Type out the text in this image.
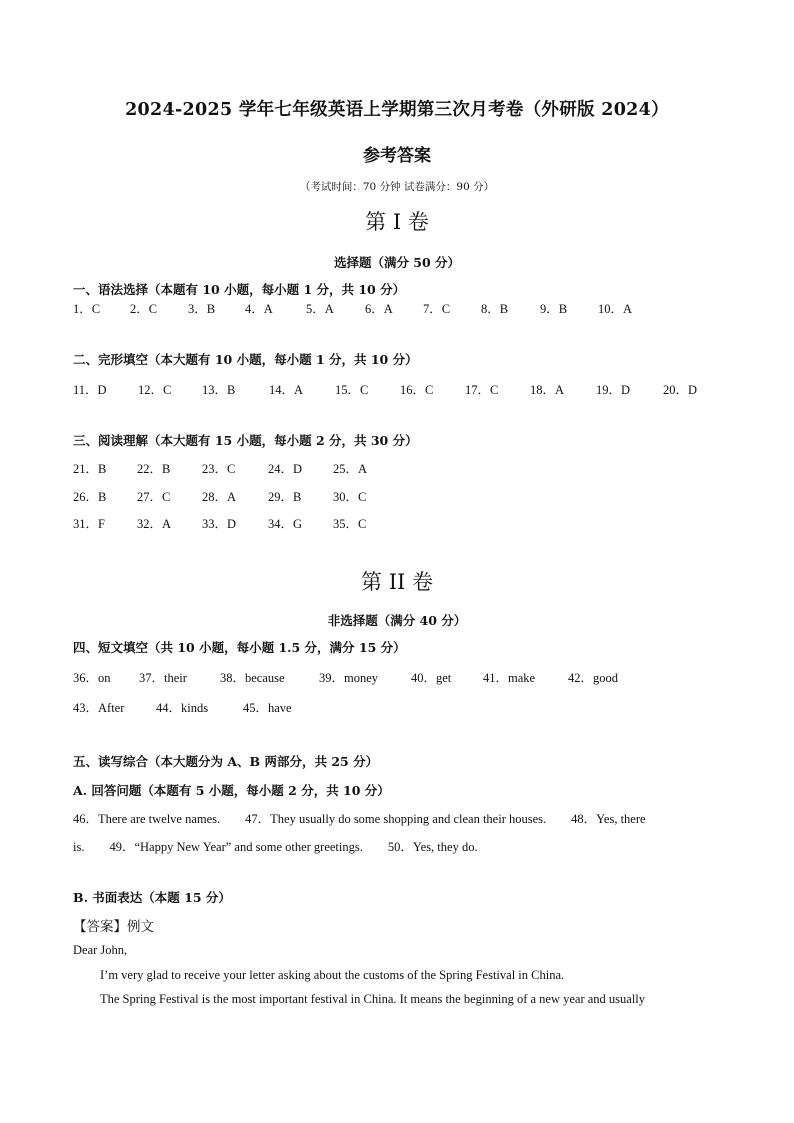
2024-2025 学年七年级英语上学期第三次月考卷（外研版 2024）
参考答案
（考试时间：70 分钟 试卷满分：90 分）
第 I 卷
选择题（满分 50 分）
一、语法选择（本题有 10 小题，每小题 1 分，共 10 分）
1．C 2．C 3．B 4．A	5．A 6．A 7．C 8．B	9．B 10．A
二、完形填空（本大题有 10 小题，每小题 1 分，共 10 分）
11．D	12．C 13．B	14．A	15．C	16．C	17．C	18．A	19．D	20．D
三、阅读理解（本大题有 15 小题，每小题 2 分，共 30 分）
21．B 22．B	23．C	24．D 25．A
26．B 27．C	28．A	29．B	30．C
31．F	32．A 33．D	34．G 35．C
第 II 卷
非选择题（满分 40 分）
四、短文填空（共 10 小题，每小题 1.5 分，满分 15 分）
36．on 37．their	38．because	39．money	40．get	41．make	42．good
43．After	44．kinds	45．have
五、读写综合（本大题分为 A、B 两部分，共 25 分）
A. 回答问题（本题有 5 小题，每小题 2 分，共 10 分）
46．There are twelve names.        47．They usually do some shopping and clean their houses.        48．Yes, there
is.        49．“Happy New Year” and some other greetings.        50．Yes, they do.
B. 书面表达（本题 15 分）
【答案】例文
Dear John,
I’m very glad to receive your letter asking about the customs of the Spring Festival in China.
The Spring Festival is the most important festival in China. It means the beginning of a new year and usually
